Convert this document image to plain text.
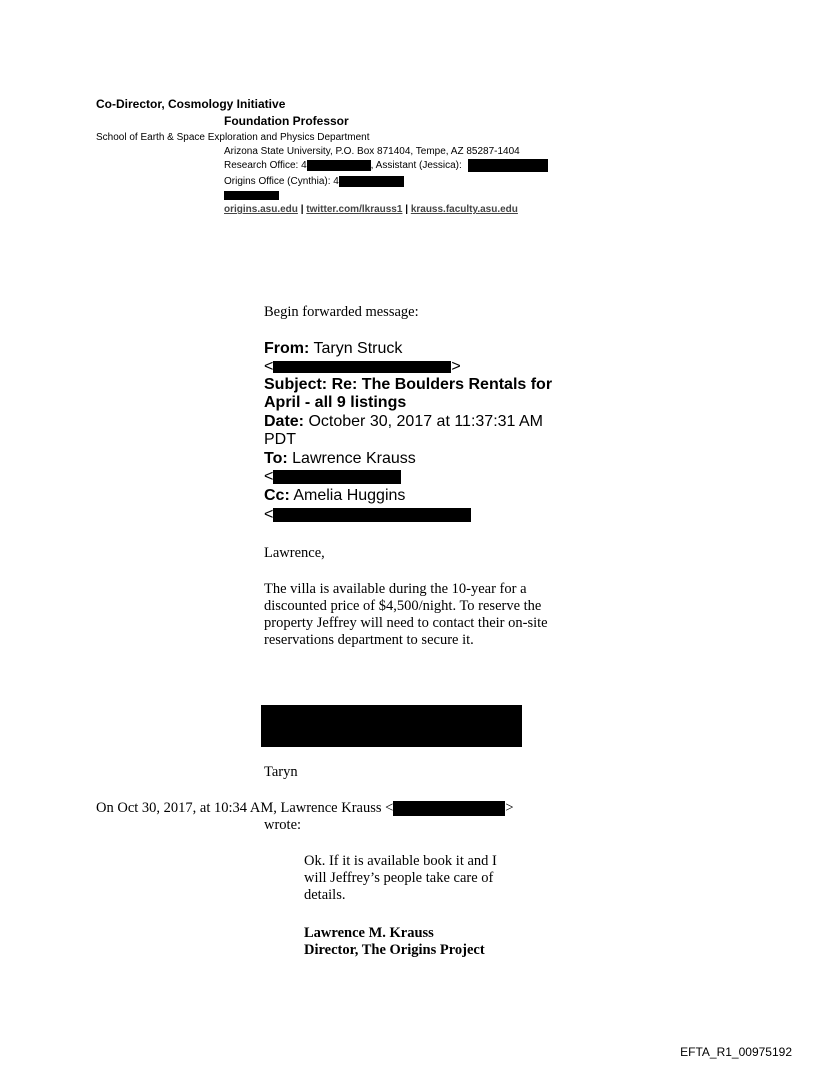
Co-Director, Cosmology Initiative
Foundation Professor
School of Earth & Space Exploration and Physics Department
Arizona State University, P.O. Box 871404, Tempe, AZ 85287-1404
Research Office: 4	, Assistant (Jessica):
Origins Office (Cynthia): 4
origins.asu.edu | twitter.com/lkrauss1 | krauss.faculty.asu.edu
Begin forwarded message:
From: Taryn Struck
<	>
Subject: Re: The Boulders Rentals for April - all 9 listings
Date: October 30, 2017 at 11:37:31 AM PDT
To: Lawrence Krauss
<
Cc: Amelia Huggins
<
Lawrence,
The villa is available during the 10-year for a discounted price of $4,500/night. To reserve the property Jeffrey will need to contact their on-site reservations department to secure it.
Taryn
On Oct 30, 2017, at 10:34 AM, Lawrence Krauss <	>
wrote:
Ok. If it is available book it and I will Jeffrey’s people take care of details.
Lawrence M. Krauss
Director, The Origins Project
EFTA_R1_00975192
